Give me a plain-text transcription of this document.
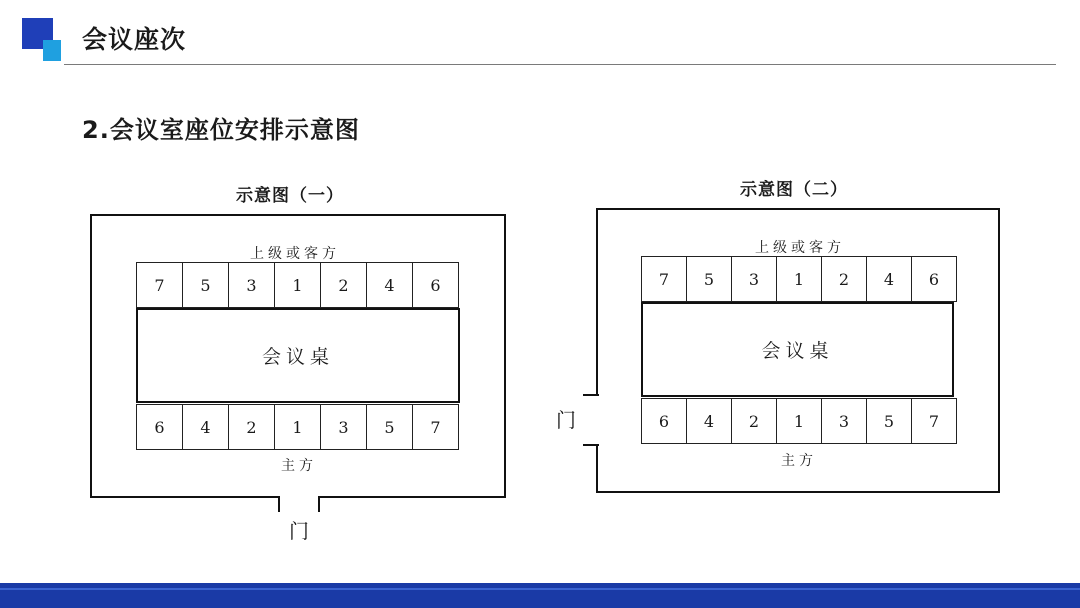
会议座次
2.会议室座位安排示意图
示意图（一）
上级或客方
7	5	3	1	2	4	6
会议桌
6	4	2	1	3	5	7
主方
门
示意图（二）
上级或客方
7	5	3	1	2	4	6
会议桌
6	4	2	1	3	5	7
主方
门
